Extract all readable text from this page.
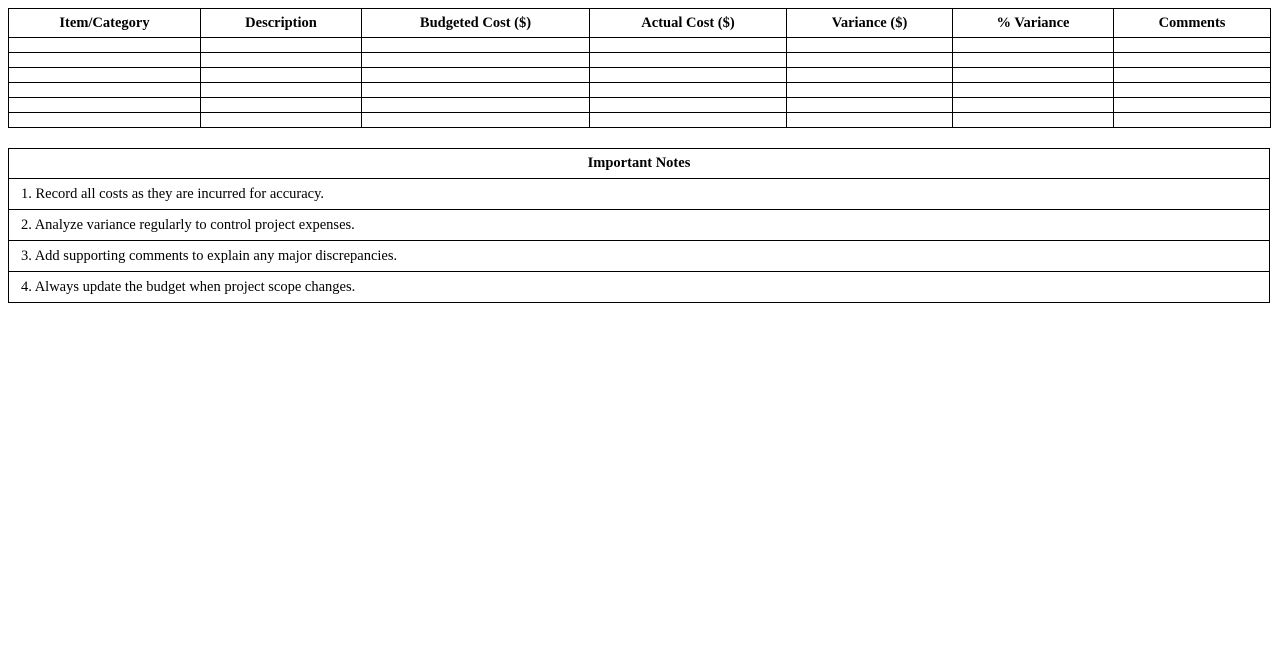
Item/Category	Description	Budgeted Cost ($)	Actual Cost ($)	Variance ($)	% Variance	Comments

Important Notes
1. Record all costs as they are incurred for accuracy.
2. Analyze variance regularly to control project expenses.
3. Add supporting comments to explain any major discrepancies.
4. Always update the budget when project scope changes.
